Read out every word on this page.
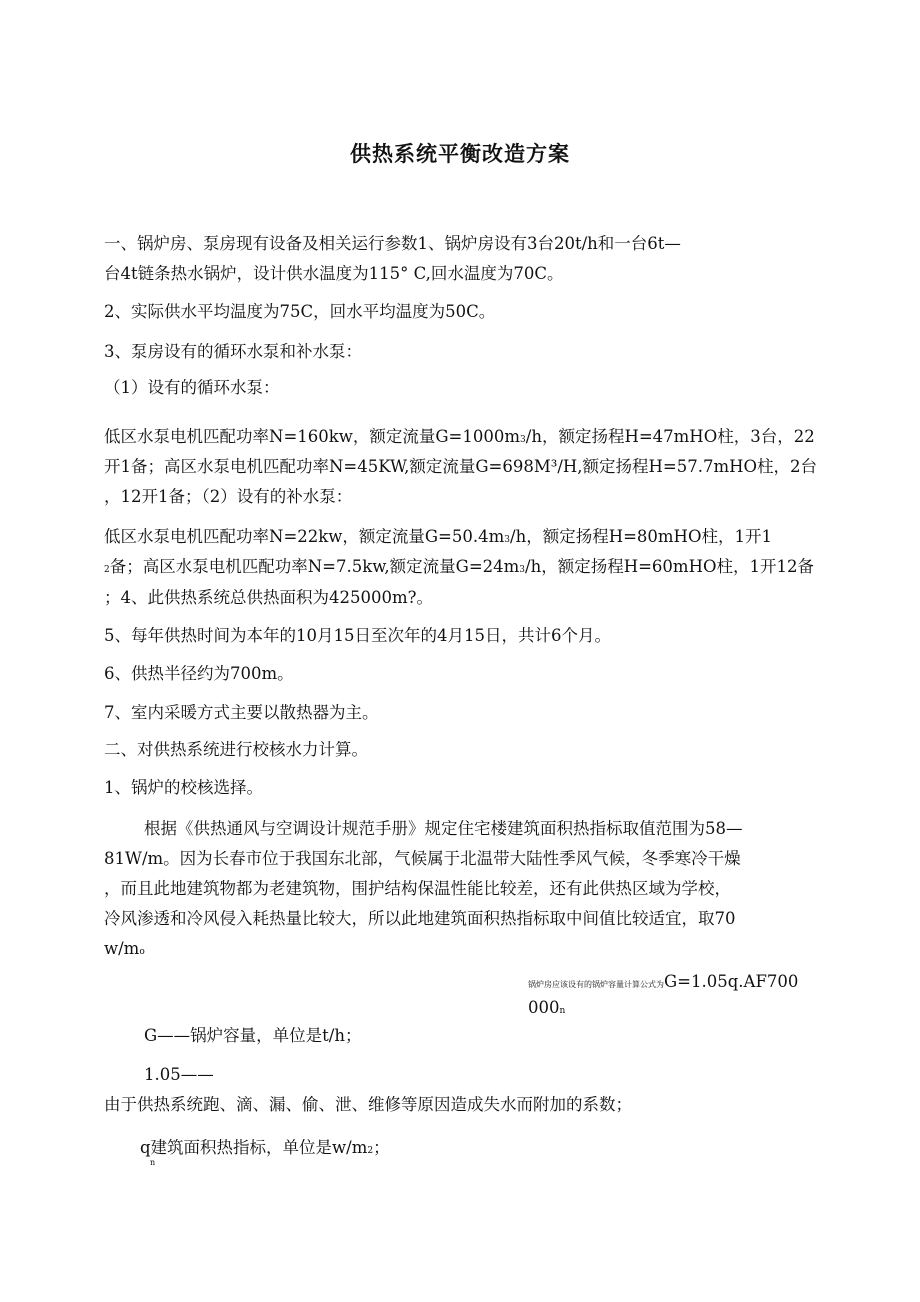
供热系统平衡改造方案
一、锅炉房、泵房现有设备及相关运行参数1、锅炉房设有3台20t/h和一台6t—
台4t链条热水锅炉，设计供水温度为115° C,回水温度为70C。
2、实际供水平均温度为75C，回水平均温度为50C。
3、泵房设有的循环水泵和补水泵：
（1）设有的循环水泵：
低区水泵电机匹配功率N=160kw，额定流量G=1000m3/h，额定扬程H=47mHO柱，3台，22
开1备；高区水泵电机匹配功率N=45KW,额定流量G=698M³/H,额定扬程H=57.7mHO柱，2台
，12开1备；（2）设有的补水泵：
低区水泵电机匹配功率N=22kw，额定流量G=50.4m3/h，额定扬程H=80mHO柱，1开1
2备；高区水泵电机匹配功率N=7.5kw,额定流量G=24m3/h，额定扬程H=60mHO柱，1开12备
；4、此供热系统总供热面积为425000m?。
5、每年供热时间为本年的10月15日至次年的4月15日，共计6个月。
6、供热半径约为700m。
7、室内采暖方式主要以散热器为主。
二、对供热系统进行校核水力计算。
1、锅炉的校核选择。
根据《供热通风与空调设计规范手册》规定住宅楼建筑面积热指标取值范围为58—
81W/m。因为长春市位于我国东北部，气候属于北温带大陆性季风气候，冬季寒冷干燥
，而且此地建筑物都为老建筑物，围护结构保温性能比较差，还有此供热区域为学校，
冷风渗透和冷风侵入耗热量比较大，所以此地建筑面积热指标取中间值比较适宜，取70
w/mo
锅炉房应该设有的锅炉容量计算公式为G=1.05q.AF700
000n
G——锅炉容量，单位是t/h；
1.05——
由于供热系统跑、滴、漏、偷、泄、维修等原因造成失水而附加的系数；
q建筑面积热指标，单位是w/m2；
n
